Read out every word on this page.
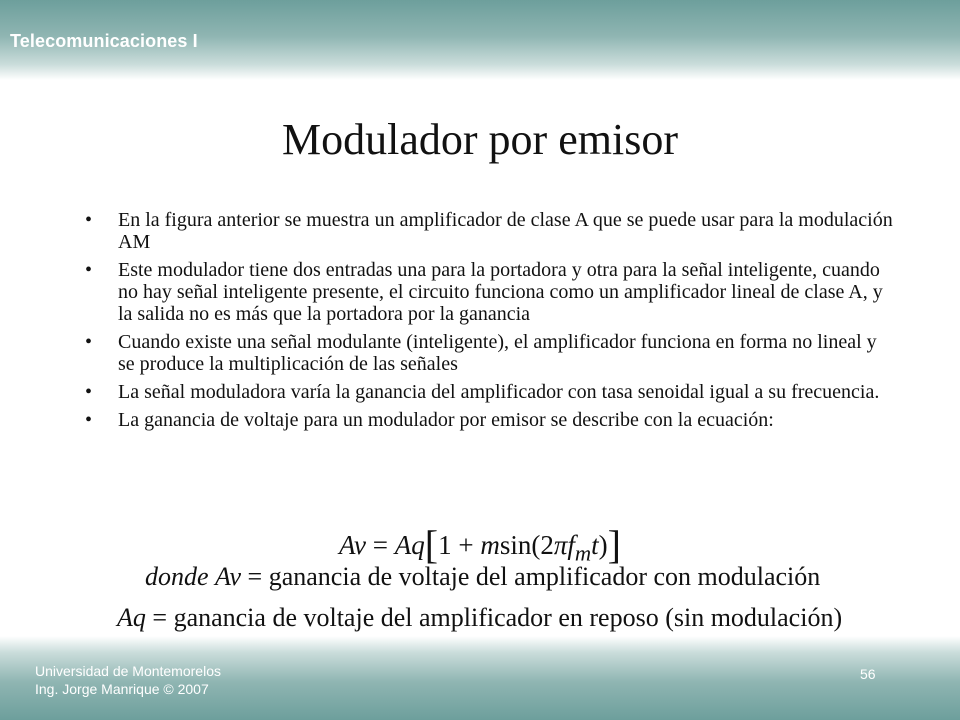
Telecomunicaciones I
Modulador por emisor
• En la figura anterior se muestra un amplificador de clase A que se puede usar para la modulación AM
• Este modulador tiene dos entradas una para la portadora y otra para la señal inteligente, cuando no hay señal inteligente presente, el circuito funciona como un amplificador lineal de clase A, y la salida no es más que la portadora por la ganancia
• Cuando existe una señal modulante (inteligente), el amplificador funciona en forma no lineal y se produce la multiplicación de las señales
• La señal moduladora varía la ganancia del amplificador con tasa senoidal igual a su frecuencia.
• La ganancia de voltaje para un modulador por emisor se describe con la ecuación:
$Av = Aq[1 + msin(2\pi f_mt)]$
donde Av = ganancia de voltaje del amplificador con modulación
Aq = ganancia de voltaje del amplificador en reposo (sin modulación)
Universidad de Montemorelos
Ing. Jorge Manrique © 2007
56
